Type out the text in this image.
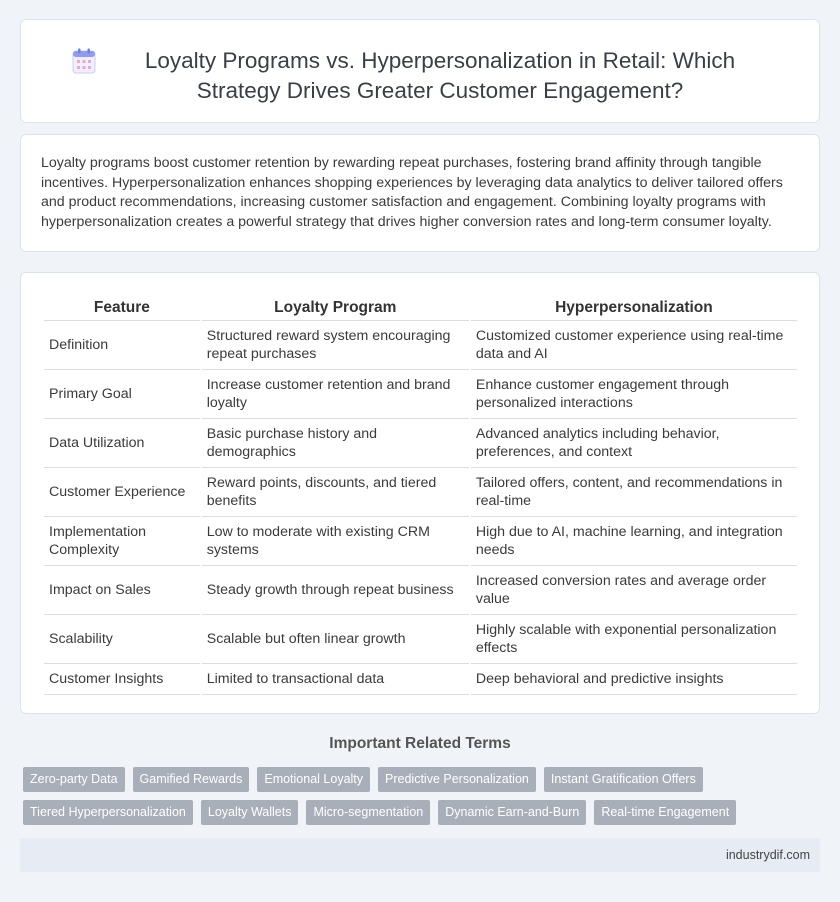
Loyalty Programs vs. Hyperpersonalization in Retail: Which Strategy Drives Greater Customer Engagement?

Loyalty programs boost customer retention by rewarding repeat purchases, fostering brand affinity through tangible incentives. Hyperpersonalization enhances shopping experiences by leveraging data analytics to deliver tailored offers and product recommendations, increasing customer satisfaction and engagement. Combining loyalty programs with hyperpersonalization creates a powerful strategy that drives higher conversion rates and long-term consumer loyalty.

Feature	Loyalty Program	Hyperpersonalization
Definition	Structured reward system encouraging repeat purchases	Customized customer experience using real-time data and AI
Primary Goal	Increase customer retention and brand loyalty	Enhance customer engagement through personalized interactions
Data Utilization	Basic purchase history and demographics	Advanced analytics including behavior, preferences, and context
Customer Experience	Reward points, discounts, and tiered benefits	Tailored offers, content, and recommendations in real-time
Implementation Complexity	Low to moderate with existing CRM systems	High due to AI, machine learning, and integration needs
Impact on Sales	Steady growth through repeat business	Increased conversion rates and average order value
Scalability	Scalable but often linear growth	Highly scalable with exponential personalization effects
Customer Insights	Limited to transactional data	Deep behavioral and predictive insights
Important Related Terms
Zero-party Data	Gamified Rewards	Emotional Loyalty	Predictive Personalization	Instant Gratification Offers
Tiered Hyperpersonalization	Loyalty Wallets	Micro-segmentation	Dynamic Earn-and-Burn	Real-time Engagement
industrydif.com
